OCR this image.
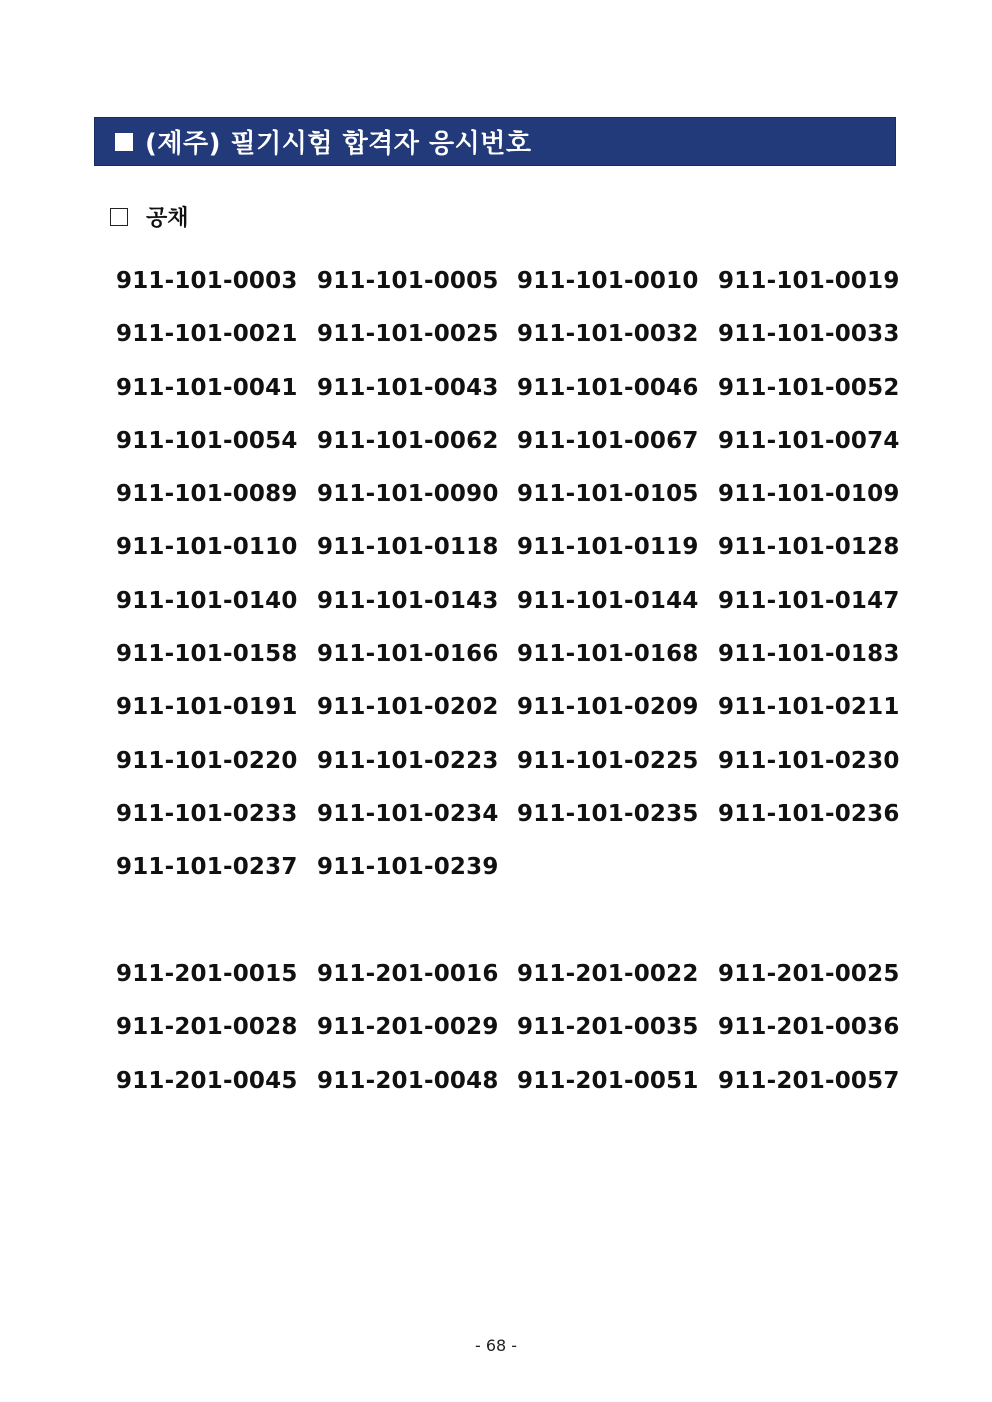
(제주) 필기시험 합격자 응시번호
공채
911-101-0003 911-101-0005 911-101-0010 911-101-0019
911-101-0021 911-101-0025 911-101-0032 911-101-0033
911-101-0041 911-101-0043 911-101-0046 911-101-0052
911-101-0054 911-101-0062 911-101-0067 911-101-0074
911-101-0089 911-101-0090 911-101-0105 911-101-0109
911-101-0110 911-101-0118 911-101-0119 911-101-0128
911-101-0140 911-101-0143 911-101-0144 911-101-0147
911-101-0158 911-101-0166 911-101-0168 911-101-0183
911-101-0191 911-101-0202 911-101-0209 911-101-0211
911-101-0220 911-101-0223 911-101-0225 911-101-0230
911-101-0233 911-101-0234 911-101-0235 911-101-0236
911-101-0237 911-101-0239
911-201-0015 911-201-0016 911-201-0022 911-201-0025
911-201-0028 911-201-0029 911-201-0035 911-201-0036
911-201-0045 911-201-0048 911-201-0051 911-201-0057
- 68 -
